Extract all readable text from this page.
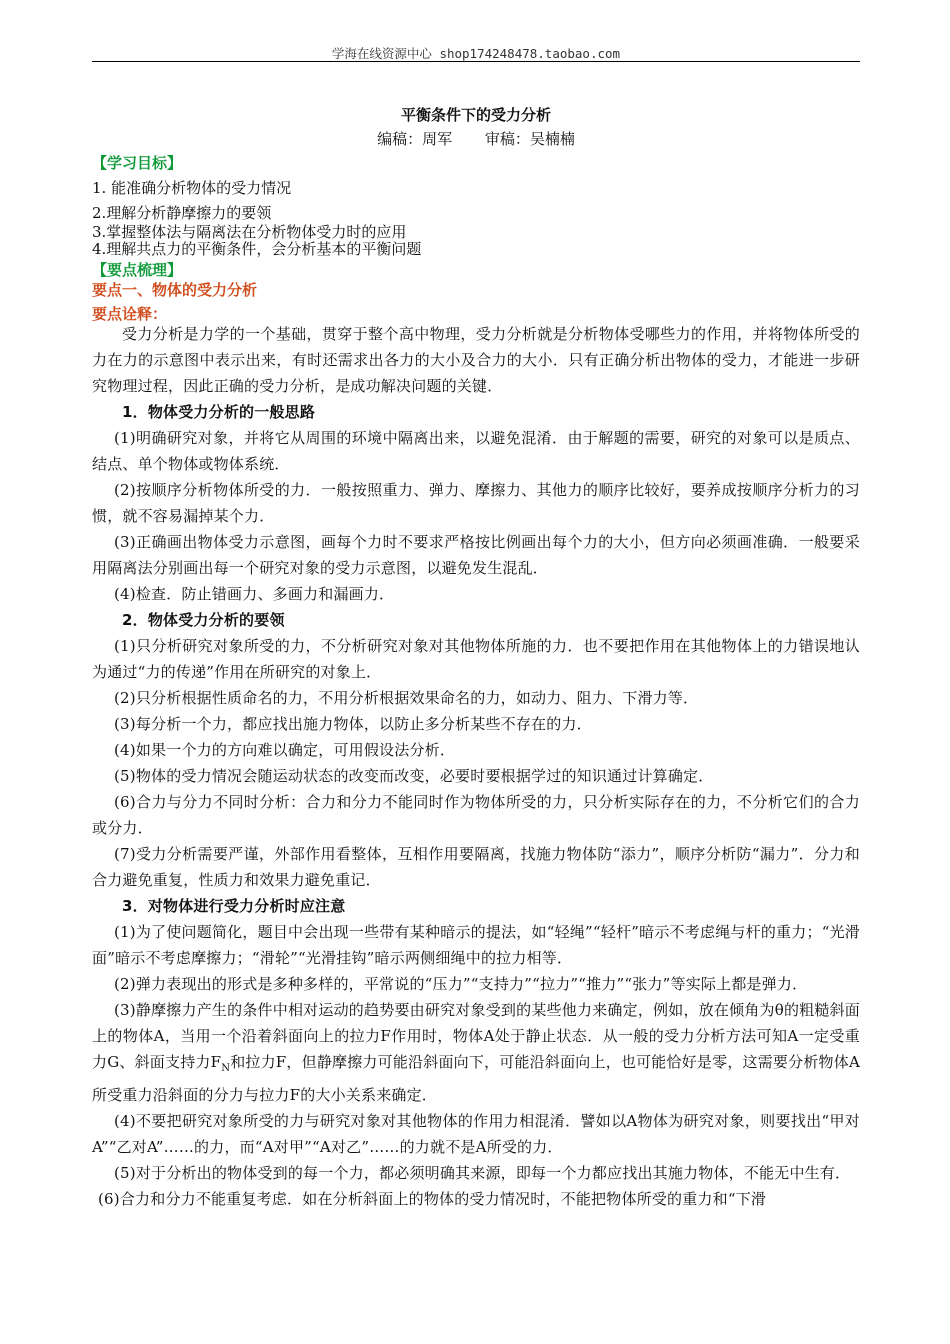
学海在线资源中心 shop174248478.taobao.com
平衡条件下的受力分析
编稿：周军 审稿：吴楠楠
【学习目标】
1. 能准确分析物体的受力情况
2.理解分析静摩擦力的要领
3.掌握整体法与隔离法在分析物体受力时的应用
4.理解共点力的平衡条件，会分析基本的平衡问题
【要点梳理】
要点一、物体的受力分析
要点诠释：

受力分析是力学的一个基础，贯穿于整个高中物理，受力分析就是分析物体受哪些力的作用，并将物体所受的力在力的示意图中表示出来，有时还需求出各力的大小及合力的大小．只有正确分析出物体的受力，才能进一步研究物理过程，因此正确的受力分析，是成功解决问题的关键．

1．物体受力分析的一般思路

(1)明确研究对象，并将它从周围的环境中隔离出来，以避免混淆．由于解题的需要，研究的对象可以是质点、结点、单个物体或物体系统．

(2)按顺序分析物体所受的力．一般按照重力、弹力、摩擦力、其他力的顺序比较好，要养成按顺序分析力的习惯，就不容易漏掉某个力．

(3)正确画出物体受力示意图，画每个力时不要求严格按比例画出每个力的大小，但方向必须画准确．一般要采用隔离法分别画出每一个研究对象的受力示意图，以避免发生混乱．

(4)检查．防止错画力、多画力和漏画力．

2．物体受力分析的要领

(1)只分析研究对象所受的力，不分析研究对象对其他物体所施的力．也不要把作用在其他物体上的力错误地认为通过“力的传递”作用在所研究的对象上．

(2)只分析根据性质命名的力，不用分析根据效果命名的力，如动力、阻力、下滑力等．

(3)每分析一个力，都应找出施力物体，以防止多分析某些不存在的力．

(4)如果一个力的方向难以确定，可用假设法分析．

(5)物体的受力情况会随运动状态的改变而改变，必要时要根据学过的知识通过计算确定．

(6)合力与分力不同时分析：合力和分力不能同时作为物体所受的力，只分析实际存在的力，不分析它们的合力或分力．

(7)受力分析需要严谨，外部作用看整体，互相作用要隔离，找施力物体防“添力”，顺序分析防“漏力”．分力和合力避免重复，性质力和效果力避免重记．

3．对物体进行受力分析时应注意

(1)为了使问题简化，题目中会出现一些带有某种暗示的提法，如“轻绳”“轻杆”暗示不考虑绳与杆的重力；“光滑面”暗示不考虑摩擦力；“滑轮”“光滑挂钩”暗示两侧细绳中的拉力相等．

(2)弹力表现出的形式是多种多样的，平常说的“压力”“支持力”“拉力”“推力”“张力”等实际上都是弹力．

(3)静摩擦力产生的条件中相对运动的趋势要由研究对象受到的某些他力来确定，例如，放在倾角为θ的粗糙斜面上的物体A，当用一个沿着斜面向上的拉力F作用时，物体A处于静止状态．从一般的受力分析方法可知A一定受重力G、斜面支持力$F_N$和拉力F，但静摩擦力可能沿斜面向下，可能沿斜面向上，也可能恰好是零，这需要分析物体A所受重力沿斜面的分力与拉力F的大小关系来确定．

(4)不要把研究对象所受的力与研究对象对其他物体的作用力相混淆．譬如以A物体为研究对象，则要找出“甲对A”“乙对A”……的力，而“A对甲”“A对乙”……的力就不是A所受的力．

(5)对于分析出的物体受到的每一个力，都必须明确其来源，即每一个力都应找出其施力物体，不能无中生有．

(6)合力和分力不能重复考虑．如在分析斜面上的物体的受力情况时，不能把物体所受的重力和“下滑
